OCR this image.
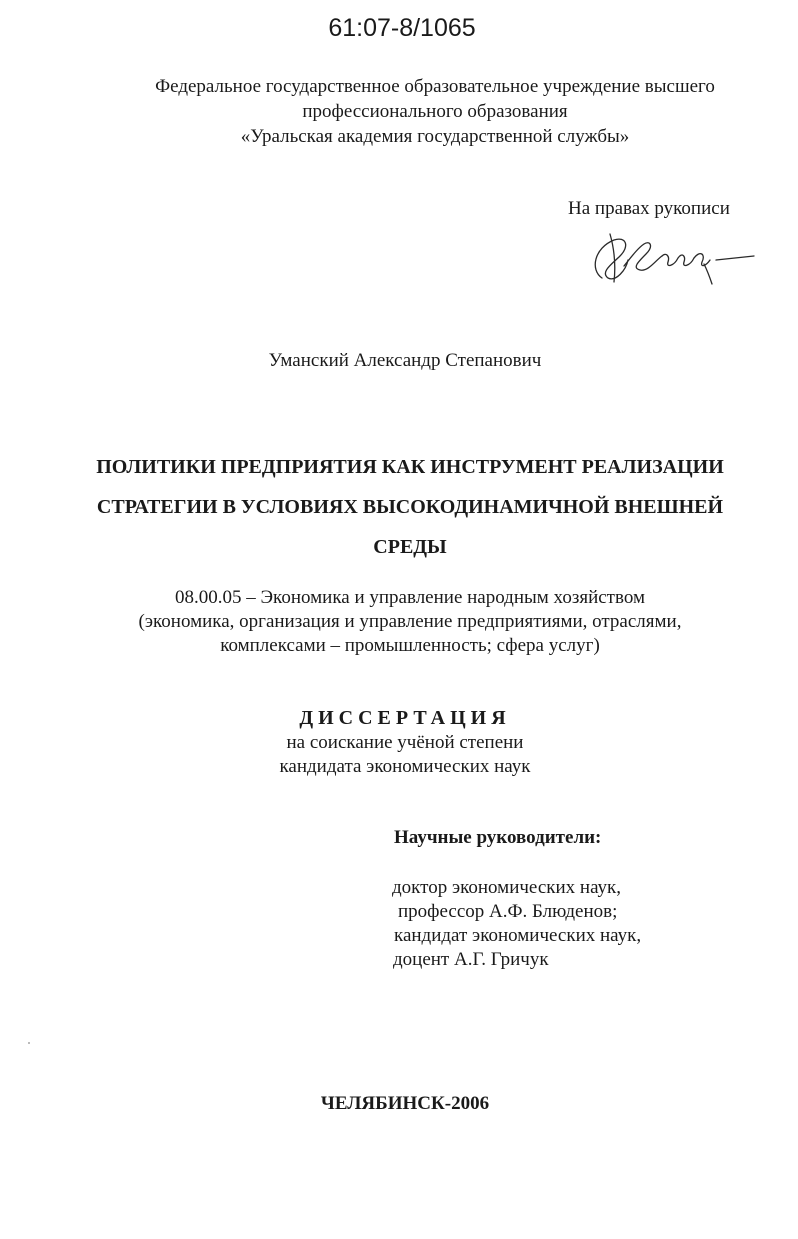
61:07-8/1065
Федеральное государственное образовательное учреждение высшего
профессионального образования
«Уральская академия государственной службы»
На правах рукописи
Уманский Александр Степанович
ПОЛИТИКИ ПРЕДПРИЯТИЯ КАК ИНСТРУМЕНТ РЕАЛИЗАЦИИ
СТРАТЕГИИ В УСЛОВИЯХ ВЫСОКОДИНАМИЧНОЙ ВНЕШНЕЙ
СРЕДЫ
08.00.05 – Экономика и управление народным хозяйством
(экономика, организация и управление предприятиями, отраслями,
комплексами – промышленность; сфера услуг)
ДИССЕРТАЦИЯ
на соискание учёной степени
кандидата экономических наук
Научные руководители:
доктор экономических наук,
профессор А.Ф. Блюденов;
кандидат экономических наук,
доцент А.Г. Гричук
ЧЕЛЯБИНСК-2006
